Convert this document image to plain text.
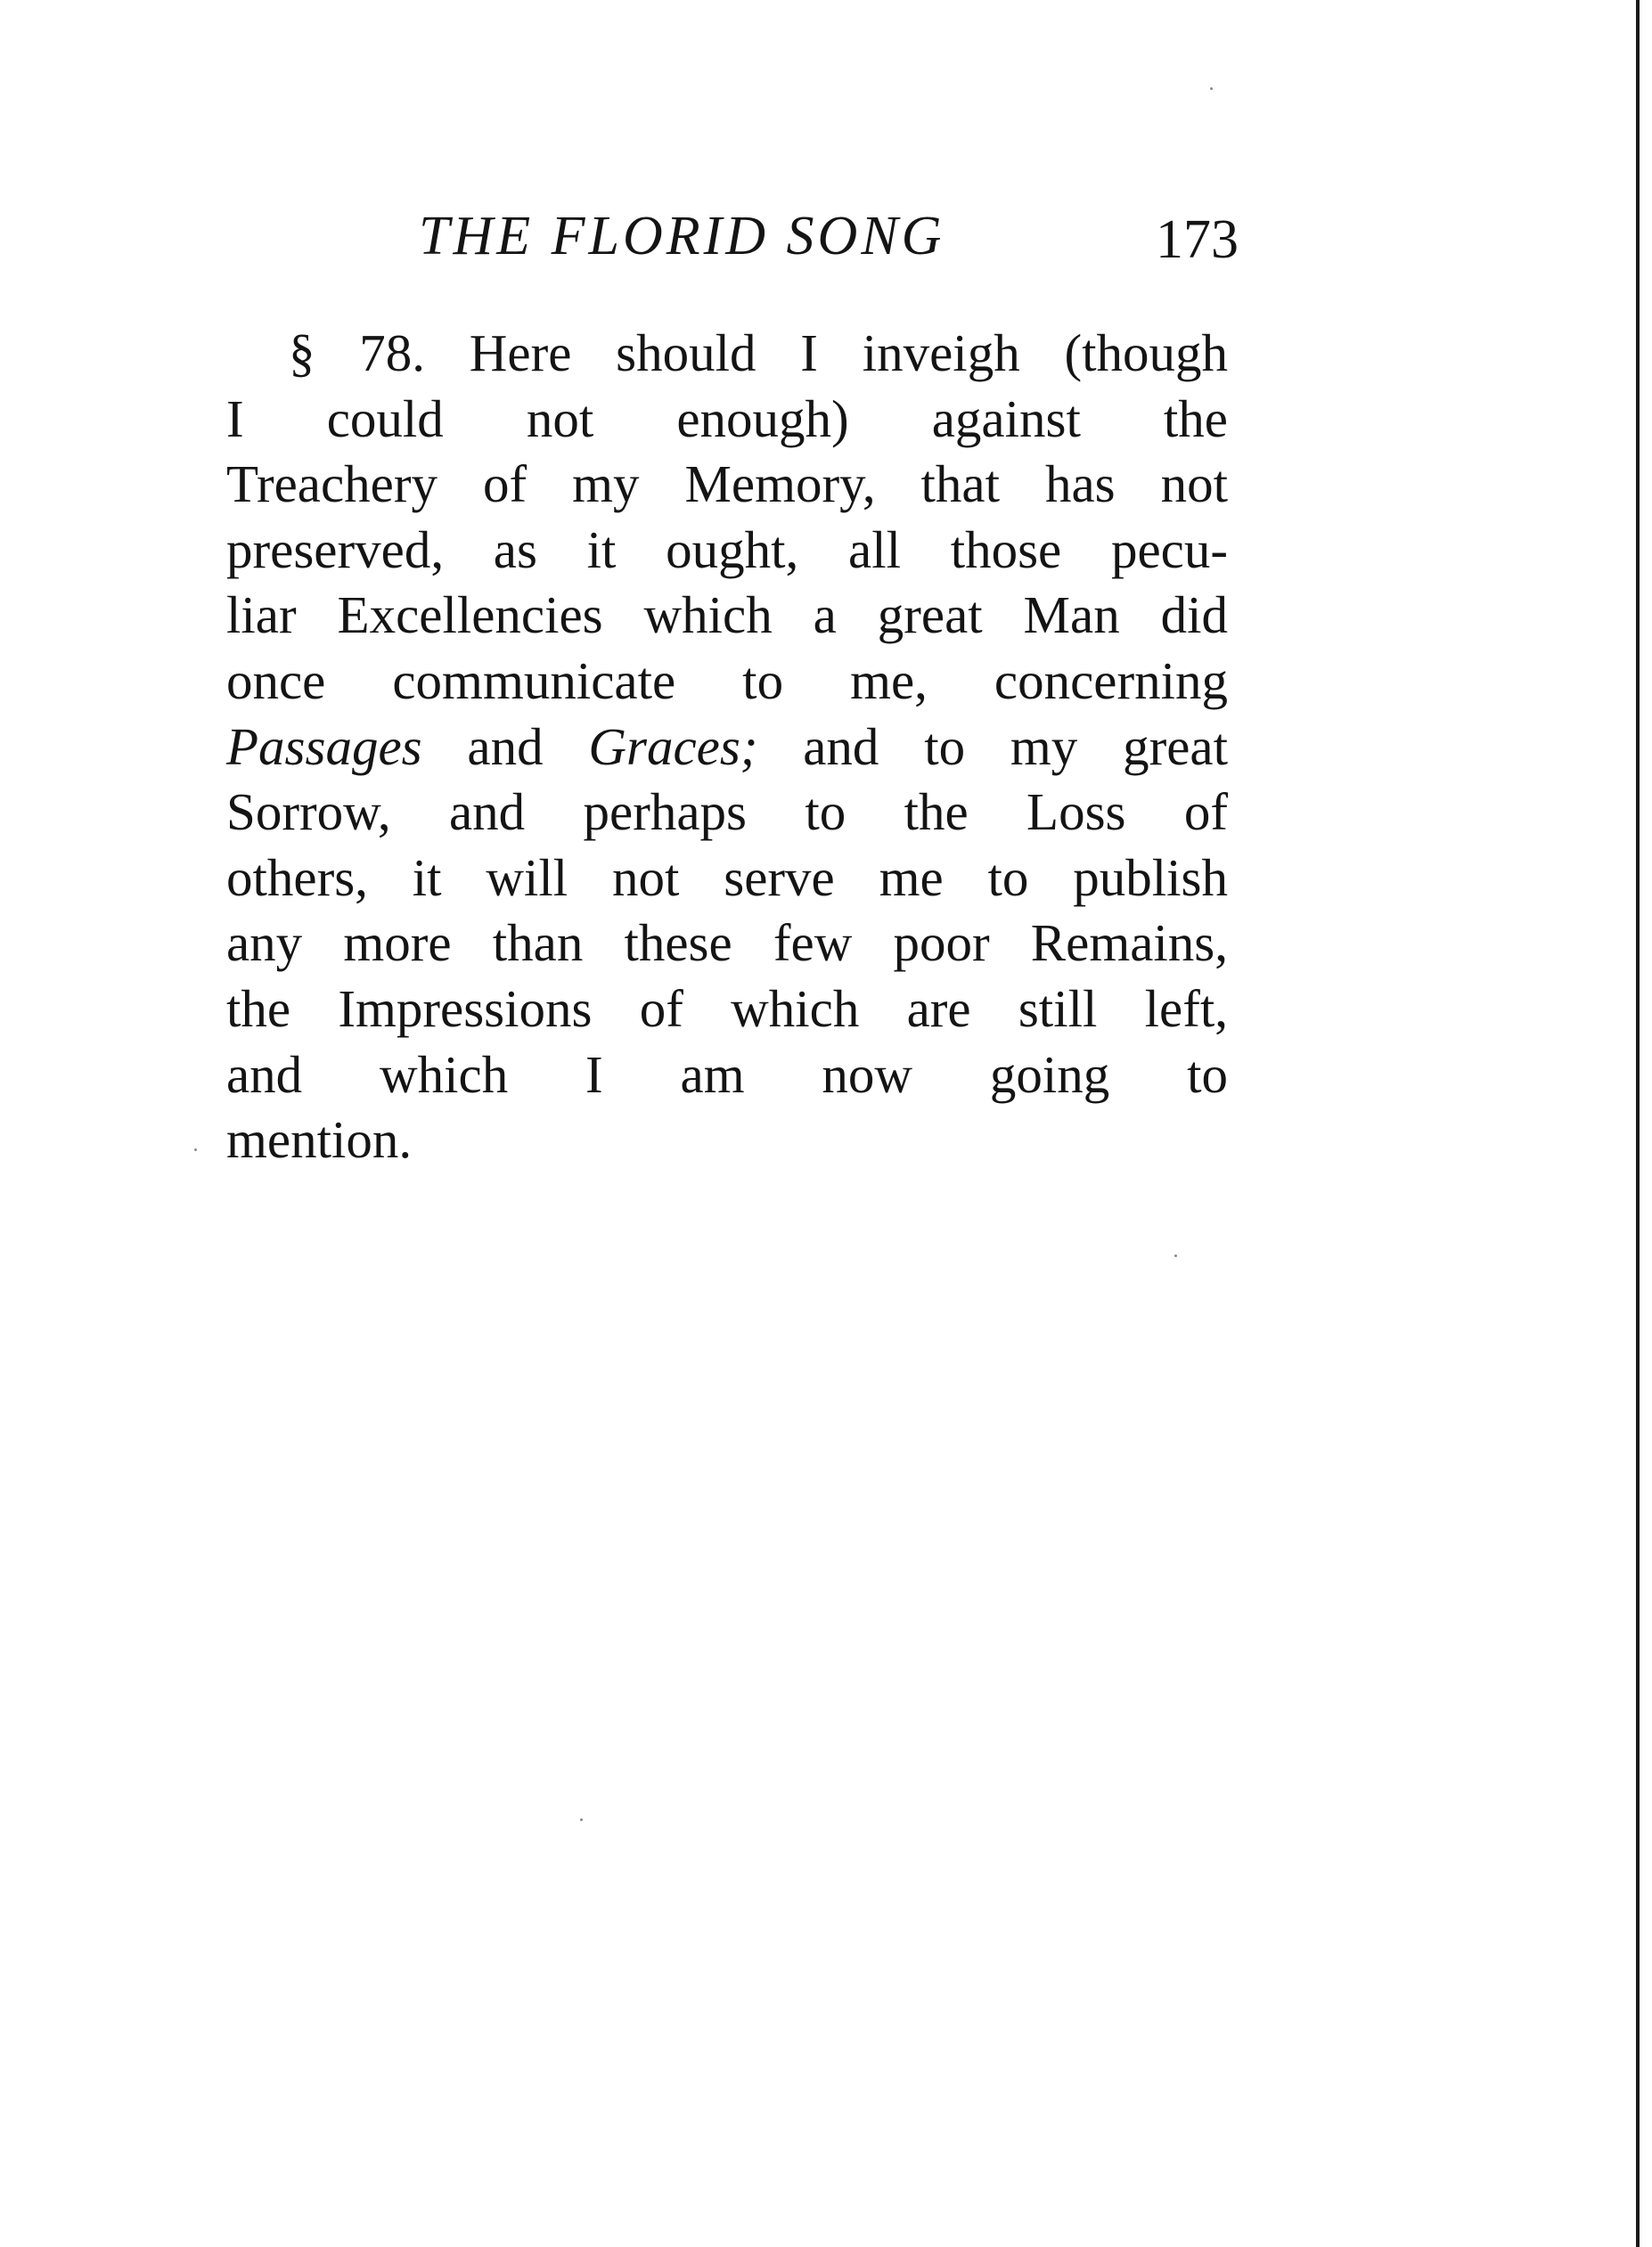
THE FLORID SONG	173
§ 78. Here should I inveigh (though
I could not enough) against the
Treachery of my Memory, that has not
preserved, as it ought, all those pecu-
liar Excellencies which a great Man did
once communicate to me, concerning
Passages and Graces; and to my great
Sorrow, and perhaps to the Loss of
others, it will not serve me to publish
any more than these few poor Remains,
the Impressions of which are still left,
and which I am now going to
mention.
